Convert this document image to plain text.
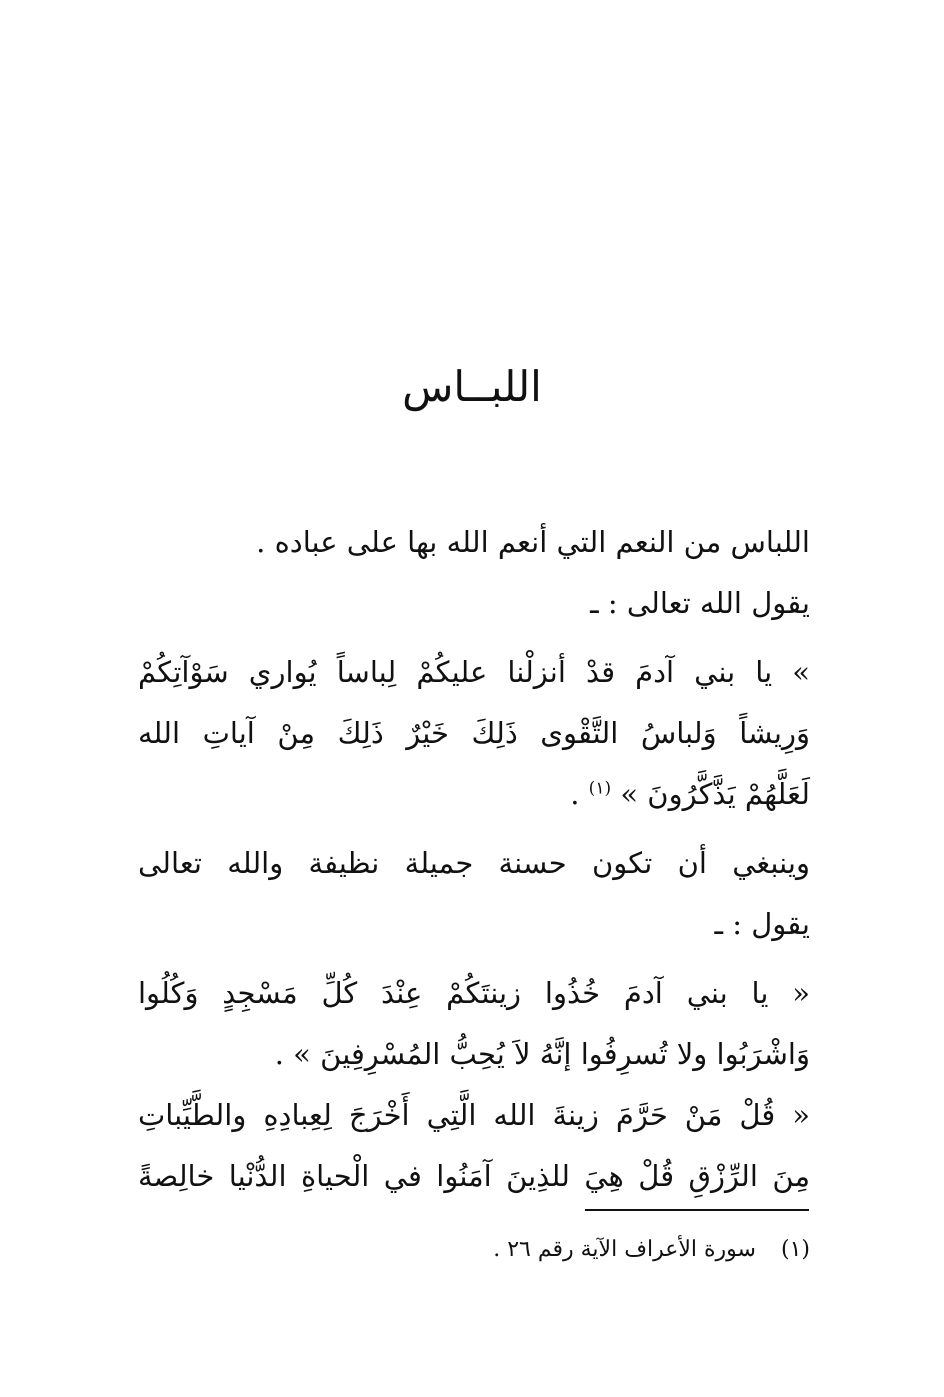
اللبــاس
اللباس من النعم التي أنعم الله بها على عباده .
يقول الله تعالى : ـ
» يا بني آدمَ قدْ أنزلْنا عليكُمْ لِباساً يُواري سَوْآتِكُمْ
وَرِيشاً وَلباسُ التَّقْوى ذَلِكَ خَيْرٌ ذَلِكَ مِنْ آياتِ الله
لَعَلَّهُمْ يَذَّكَّرُونَ » $^{(١)}$ .
وينبغي أن تكون حسنة جميلة نظيفة والله تعالى
يقول : ـ
« يا بني آدمَ خُذُوا زينتَكُمْ عِنْدَ كُلِّ مَسْجِدٍ وَكُلُوا
وَاشْرَبُوا ولا تُسرِفُوا إنَّهُ لاَ يُحِبُّ المُسْرِفِينَ » .
« قُلْ مَنْ حَرَّمَ زينةَ الله الَّتِي أَخْرَجَ لِعِبادِهِ والطَّيِّباتِ
مِنَ الرِّزْقِ قُلْ هِيَ للذِينَ آمَنُوا في الْحياةِ الدُّنْيا خالِصةً
(١) سورة الأعراف الآية رقم ٢٦ .
